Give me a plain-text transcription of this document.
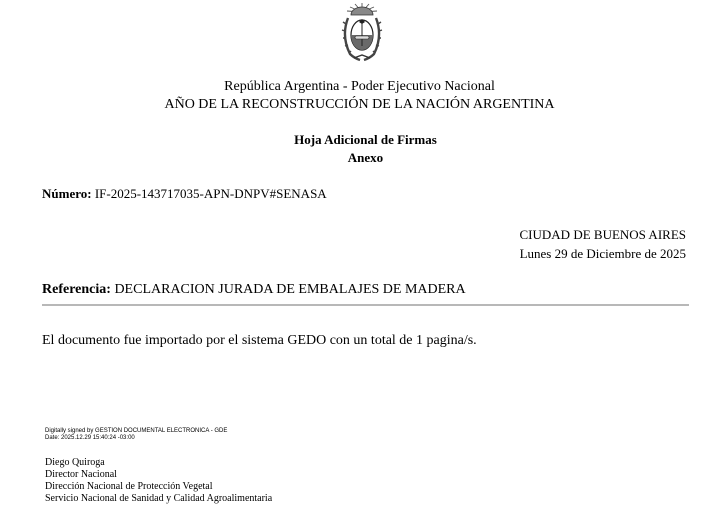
República Argentina - Poder Ejecutivo Nacional
AÑO DE LA RECONSTRUCCIÓN DE LA NACIÓN ARGENTINA
Hoja Adicional de Firmas
Anexo
Número: IF-2025-143717035-APN-DNPV#SENASA
CIUDAD DE BUENOS AIRES
Lunes 29 de Diciembre de 2025
Referencia: DECLARACION JURADA DE EMBALAJES DE MADERA
El documento fue importado por el sistema GEDO con un total de 1 pagina/s.
Digitally signed by GESTION DOCUMENTAL ELECTRONICA - GDE
Date: 2025.12.29 15:40:24 -03:00
Diego Quiroga
Director Nacional
Dirección Nacional de Protección Vegetal
Servicio Nacional de Sanidad y Calidad Agroalimentaria
